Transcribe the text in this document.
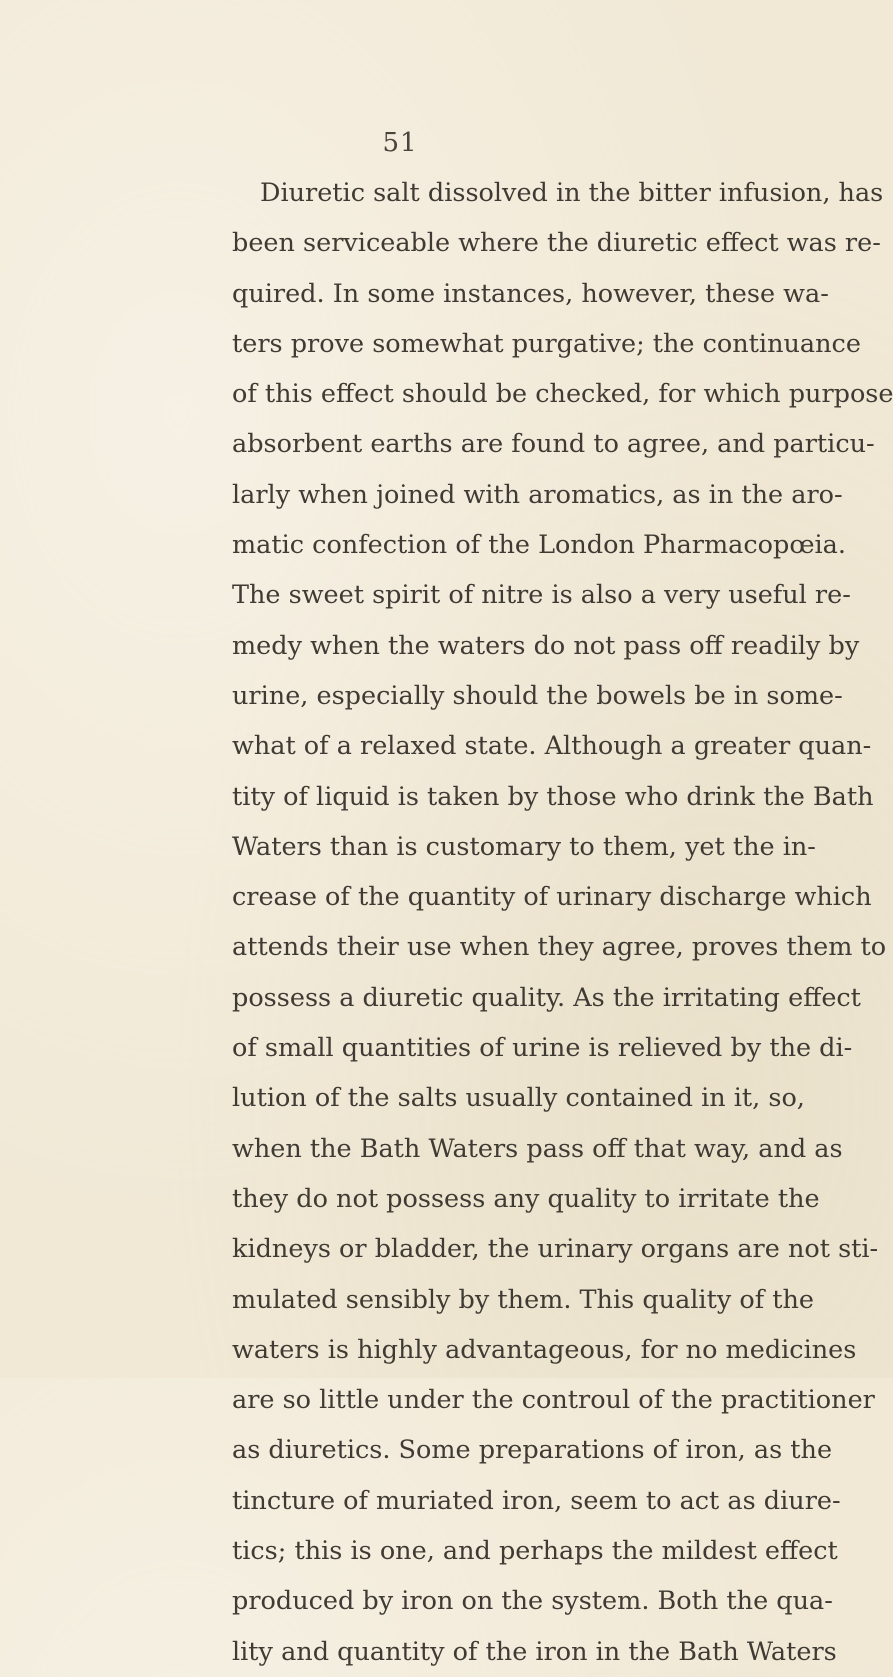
51
Diuretic salt dissolved in the bitter infusion, has
been serviceable where the diuretic effect was re-
quired. In some instances, however, these wa-
ters prove somewhat purgative; the continuance
of this effect should be checked, for which purpose
absorbent earths are found to agree, and particu-
larly when joined with aromatics, as in the aro-
matic confection of the London Pharmacopœia.
The sweet spirit of nitre is also a very useful re-
medy when the waters do not pass off readily by
urine, especially should the bowels be in some-
what of a relaxed state. Although a greater quan-
tity of liquid is taken by those who drink the Bath
Waters than is customary to them, yet the in-
crease of the quantity of urinary discharge which
attends their use when they agree, proves them to
possess a diuretic quality. As the irritating effect
of small quantities of urine is relieved by the di-
lution of the salts usually contained in it, so,
when the Bath Waters pass off that way, and as
they do not possess any quality to irritate the
kidneys or bladder, the urinary organs are not sti-
mulated sensibly by them. This quality of the
waters is highly advantageous, for no medicines
are so little under the controul of the practitioner
as diuretics. Some preparations of iron, as the
tincture of muriated iron, seem to act as diure-
tics; this is one, and perhaps the mildest effect
produced by iron on the system. Both the qua-
lity and quantity of the iron in the Bath Waters
